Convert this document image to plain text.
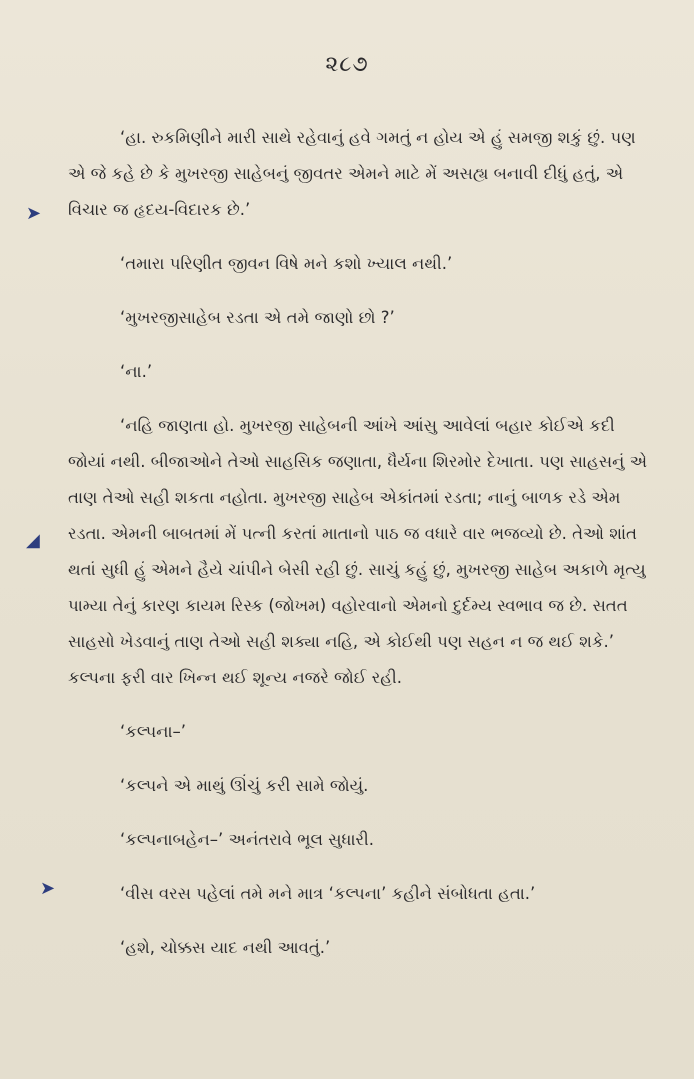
૨૮૭
➤
◢
➤

‘હા. રુકમિણીને મારી સાથે રહેવાનું હવે ગમતું ન હોય એ હું સમજી શકું છું. પણ એ જે કહે છે કે મુખરજી સાહેબનું જીવતર એમને માટે મેં અસહ્ય બનાવી દીધું હતું, એ વિચાર જ હૃદય-વિદારક છે.’

‘તમારા પરિણીત જીવન વિષે મને કશો ખ્યાલ નથી.’

‘મુખરજીસાહેબ રડતા એ તમે જાણો છો ?’

‘ના.’

‘નહિ જાણતા હો. મુખરજી સાહેબની આંખે આંસુ આવેલાં બહાર કોઈએ કદી જોયાં નથી. બીજાઓને તેઓ સાહસિક જણાતા, ધૈર્યના શિરમોર દેખાતા. પણ સાહસનું એ તાણ તેઓ સહી શકતા નહોતા. મુખરજી સાહેબ એકાંતમાં રડતા; નાનું બાળક રડે એમ રડતા. એમની બાબતમાં મેં પત્ની કરતાં માતાનો પાઠ જ વધારે વાર ભજવ્યો છે. તેઓ શાંત થતાં સુધી હું એમને હૈયે ચાંપીને બેસી રહી છું. સાચું કહું છું, મુખરજી સાહેબ અકાળે મૃત્યુ પામ્યા તેનું કારણ કાયમ રિસ્ક (જોખમ) વહોરવાનો એમનો દુર્દમ્ય સ્વભાવ જ છે. સતત સાહસો ખેડવાનું તાણ તેઓ સહી શક્યા નહિ, એ કોઈથી પણ સહન ન જ થઈ શકે.’ કલ્પના ફરી વાર ખિન્ન થઈ શૂન્ય નજરે જોઈ રહી.

‘કલ્પના–’

‘કલ્પને એ માથું ઊંચું કરી સામે જોયું.

‘કલ્પનાબહેન–’ અનંતરાવે ભૂલ સુધારી.

‘વીસ વરસ પહેલાં તમે મને માત્ર ‘કલ્પના’ કહીને સંબોધતા હતા.’

‘હશે, ચોક્કસ યાદ નથી આવતું.’
